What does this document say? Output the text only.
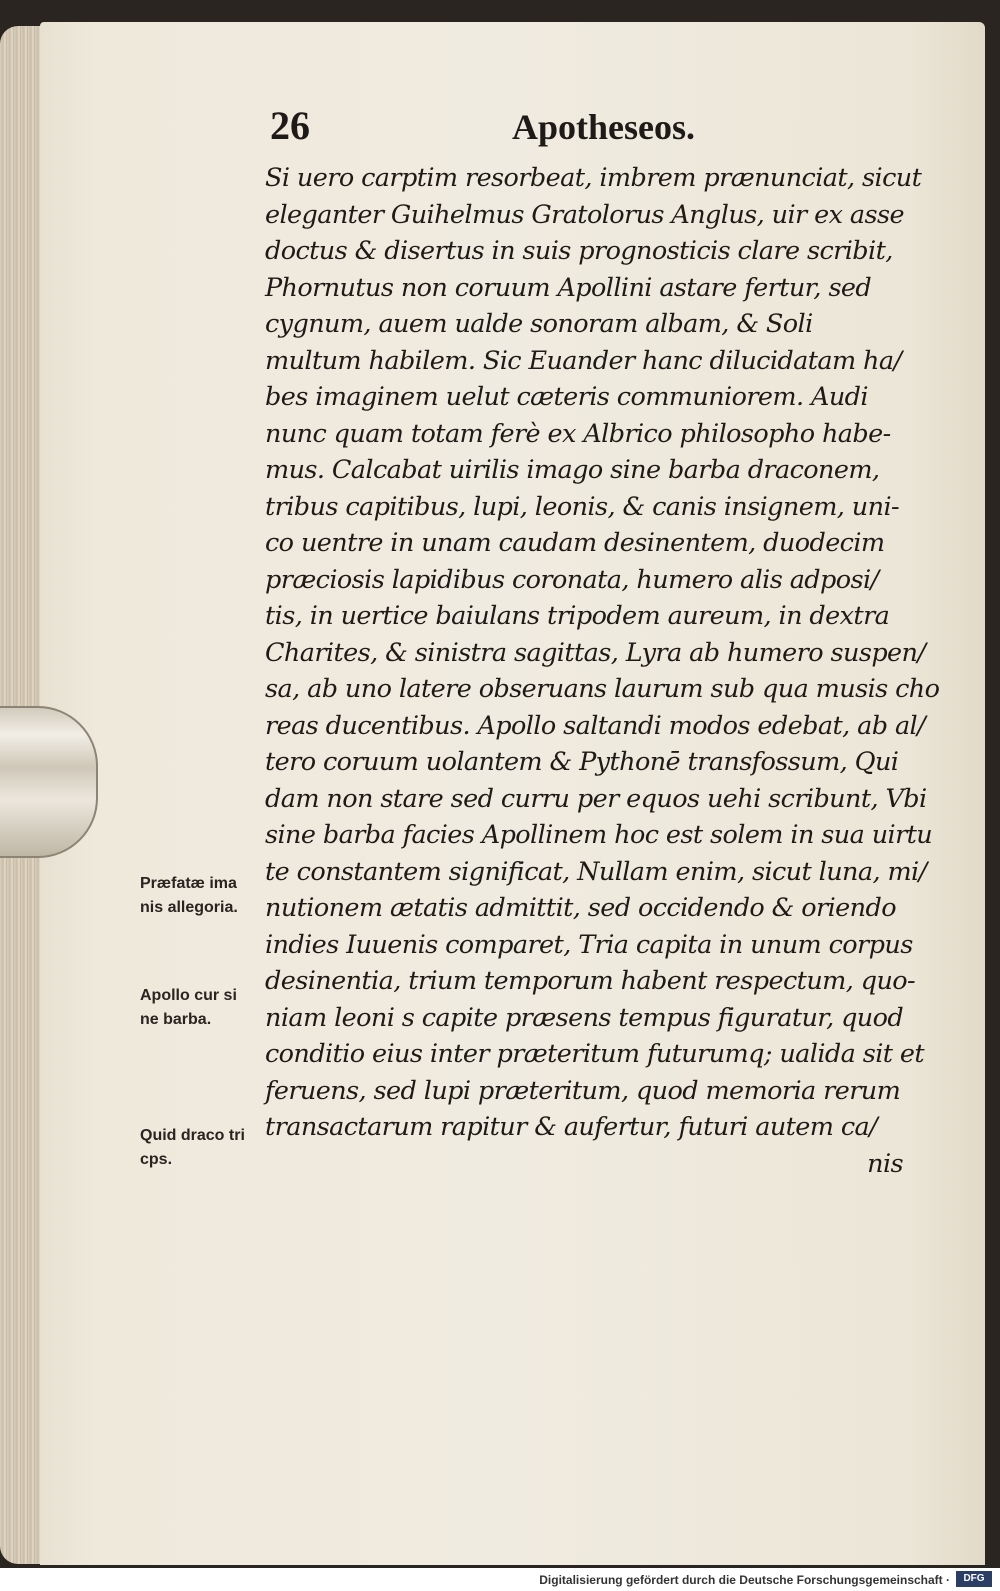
26	Apotheseos.
Si uero carptim resorbeat, imbrem prænunciat, sicut
eleganter Guihelmus Gratolorus Anglus, uir ex asse
doctus & disertus in suis prognosticis clare scribit,
Phornutus non coruum Apollini astare fertur, sed
cygnum, auem ualde sonoram albam, & Soli
multum habilem. Sic Euander hanc dilucidatam ha/
bes imaginem uelut cæteris communiorem. Audi
nunc quam totam ferè ex Albrico philosopho habe-
mus. Calcabat uirilis imago sine barba draconem,
tribus capitibus, lupi, leonis, & canis insignem, uni-
co uentre in unam caudam desinentem, duodecim
præciosis lapidibus coronata, humero alis adposi/
tis, in uertice baiulans tripodem aureum, in dextra
Charites, & sinistra sagittas, Lyra ab humero suspen/
sa, ab uno latere obseruans laurum sub qua musis cho
reas ducentibus. Apollo saltandi modos edebat, ab al/
tero coruum uolantem & Pythonē transfossum, Qui
dam non stare sed curru per equos uehi scribunt, Vbi
sine barba facies Apollinem hoc est solem in sua uirtu
te constantem significat, Nullam enim, sicut luna, mi/
nutionem ætatis admittit, sed occidendo & oriendo
indies Iuuenis comparet, Tria capita in unum corpus
desinentia, trium temporum habent respectum, quo-
niam leoni s capite præsens tempus figuratur, quod
conditio eius inter præteritum futurumq; ualida sit et
feruens, sed lupi præteritum, quod memoria rerum
transactarum rapitur & aufertur, futuri autem ca/
nis
Præfatæ ima
nis allegoria.
Apollo cur si
ne barba.
Quid draco tri
cps.
Digitalisierung gefördert durch die Deutsche Forschungsgemeinschaft ·	DFG
